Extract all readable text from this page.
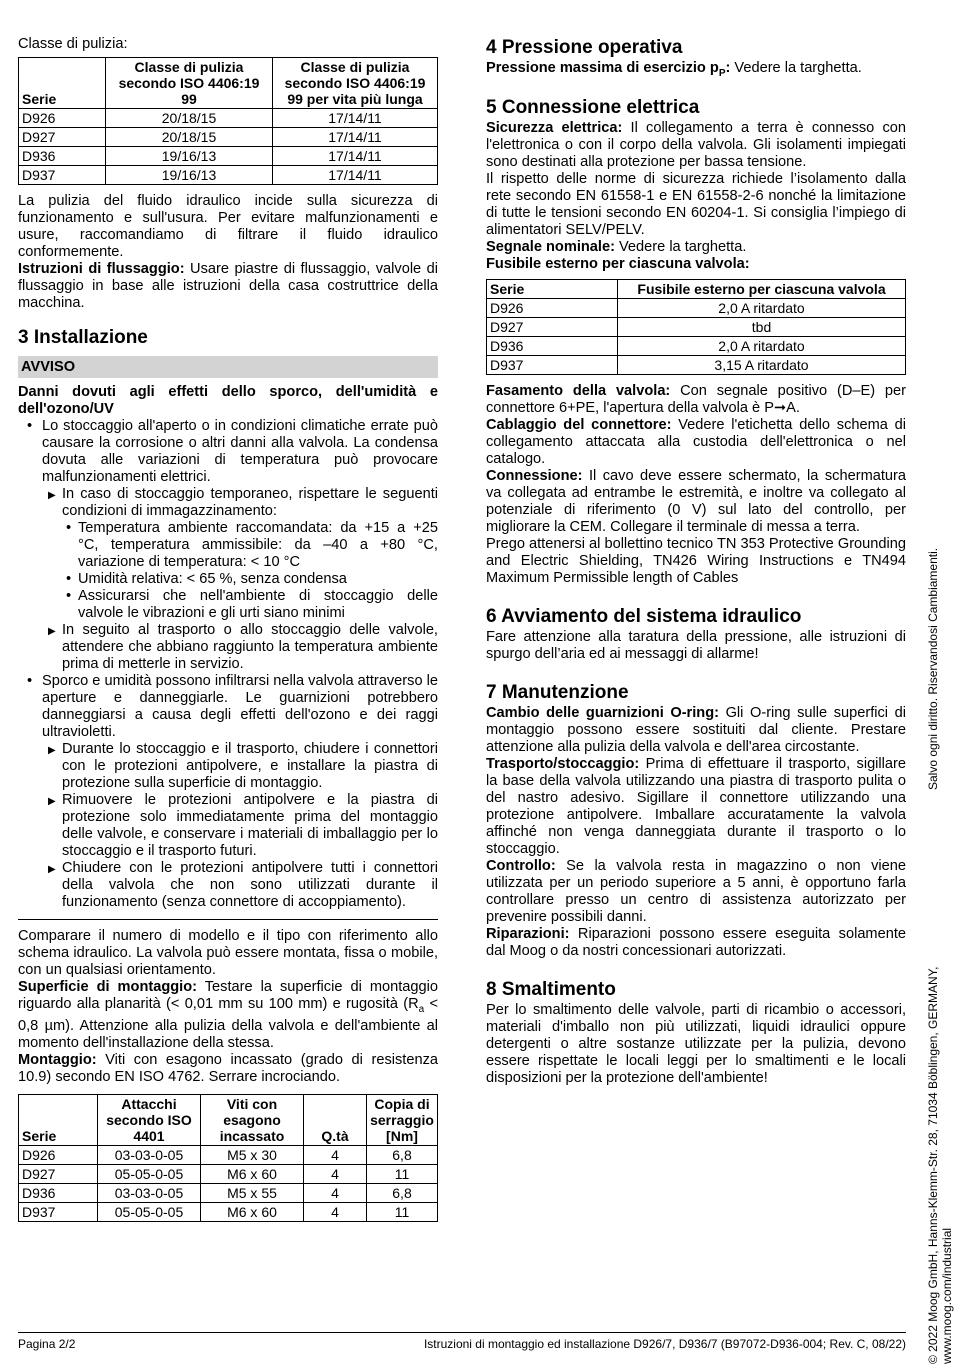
Classe di pulizia:
Serie	Classe di pulizia secondo ISO 4406:19 99	Classe di pulizia secondo ISO 4406:19 99 per vita più lunga
D926	20/18/15	17/14/11
D927	20/18/15	17/14/11
D936	19/16/13	17/14/11
D937	19/16/13	17/14/11

La pulizia del fluido idraulico incide sulla sicurezza di funzionamento e sull'usura. Per evitare malfunzionamenti e usure, raccomandiamo di filtrare il fluido idraulico conformemente.

Istruzioni di flussaggio: Usare piastre di flussaggio, valvole di flussaggio in base alle istruzioni della casa costruttrice della macchina.

3 Installazione
AVVISO

Danni dovuti agli effetti dello sporco, dell'umidità e dell'ozono/UV

• Lo stoccaggio all'aperto o in condizioni climatiche errate può causare la corrosione o altri danni alla valvola. La condensa dovuta alle variazioni di temperatura può provocare malfunzionamenti elettrici.
▶ In caso di stoccaggio temporaneo, rispettare le seguenti condizioni di immagazzinamento:
• Temperatura ambiente raccomandata: da +15 a +25 °C, temperatura ammissibile: da –40 a +80 °C, variazione di temperatura: < 10 °C
• Umidità relativa: < 65 %, senza condensa
• Assicurarsi che nell'ambiente di stoccaggio delle valvole le vibrazioni e gli urti siano minimi
▶ In seguito al trasporto o allo stoccaggio delle valvole, attendere che abbiano raggiunto la temperatura ambiente prima di metterle in servizio.
• Sporco e umidità possono infiltrarsi nella valvola attraverso le aperture e danneggiarle. Le guarnizioni potrebbero danneggiarsi a causa degli effetti dell'ozono e dei raggi ultravioletti.
▶ Durante lo stoccaggio e il trasporto, chiudere i connettori con le protezioni antipolvere, e installare la piastra di protezione sulla superficie di montaggio.
▶ Rimuovere le protezioni antipolvere e la piastra di protezione solo immediatamente prima del montaggio delle valvole, e conservare i materiali di imballaggio per lo stoccaggio e il trasporto futuri.
▶ Chiudere con le protezioni antipolvere tutti i connettori della valvola che non sono utilizzati durante il funzionamento (senza connettore di accoppiamento).

Comparare il numero di modello e il tipo con riferimento allo schema idraulico. La valvola può essere montata, fissa o mobile, con un qualsiasi orientamento.

Superficie di montaggio: Testare la superficie di montaggio riguardo alla planarità (< 0,01 mm su 100 mm) e rugosità ($R_a < 0,8$ µm). Attenzione alla pulizia della valvola e dell'ambiente al momento dell'installazione della stessa.

Montaggio: Viti con esagono incassato (grado di resistenza 10.9) secondo EN ISO 4762. Serrare incrociando.

Serie	Attacchi secondo ISO 4401	Viti con esagono incassato	Q.tà	Copia di serraggio [Nm]
D926	03-03-0-05	M5 x 30	4	6,8
D927	05-05-0-05	M6 x 60	4	11
D936	03-03-0-05	M5 x 55	4	6,8
D937	05-05-0-05	M6 x 60	4	11
4 Pressione operativa

Pressione massima di esercizio $p_P$: Vedere la targhetta.

5 Connessione elettrica

Sicurezza elettrica: Il collegamento a terra è connesso con l'elettronica o con il corpo della valvola. Gli isolamenti impiegati sono destinati alla protezione per bassa tensione.

Il rispetto delle norme di sicurezza richiede l’isolamento dalla rete secondo EN 61558-1 e EN 61558-2-6 nonché la limitazione di tutte le tensioni secondo EN 60204-1. Si consiglia l’impiego di alimentatori SELV/PELV.

Segnale nominale: Vedere la targhetta.

Fusibile esterno per ciascuna valvola:

Serie	Fusibile esterno per ciascuna valvola
D926	2,0 A ritardato
D927	tbd
D936	2,0 A ritardato
D937	3,15 A ritardato

Fasamento della valvola: Con segnale positivo (D–E) per connettore 6+PE, l'apertura della valvola è P➞A.

Cablaggio del connettore: Vedere l'etichetta dello schema di collegamento attaccata alla custodia dell'elettronica o nel catalogo.

Connessione: Il cavo deve essere schermato, la schermatura va collegata ad entrambe le estremità, e inoltre va collegato al potenziale di riferimento (0 V) sul lato del controllo, per migliorare la CEM. Collegare il terminale di messa a terra.

Prego attenersi al bollettino tecnico TN 353 Protective Grounding and Electric Shielding, TN426 Wiring Instructions e TN494 Maximum Permissible length of Cables

6 Avviamento del sistema idraulico

Fare attenzione alla taratura della pressione, alle istruzioni di spurgo dell’aria ed ai messaggi di allarme!

7 Manutenzione

Cambio delle guarnizioni O-ring: Gli O-ring sulle superfici di montaggio possono essere sostituiti dal cliente. Prestare attenzione alla pulizia della valvola e dell'area circostante.

Trasporto/stoccaggio: Prima di effettuare il trasporto, sigillare la base della valvola utilizzando una piastra di trasporto pulita o del nastro adesivo. Sigillare il connettore utilizzando una protezione antipolvere. Imballare accuratamente la valvola affinché non venga danneggiata durante il trasporto o lo stoccaggio.

Controllo: Se la valvola resta in magazzino o non viene utilizzata per un periodo superiore a 5 anni, è opportuno farla controllare presso un centro di assistenza autorizzato per prevenire possibili danni.

Riparazioni: Riparazioni possono essere eseguita solamente dal Moog o da nostri concessionari autorizzati.

8 Smaltimento

Per lo smaltimento delle valvole, parti di ricambio o accessori, materiali d'imballo non più utilizzati, liquidi idraulici oppure detergenti o altre sostanze utilizzate per la pulizia, devono essere rispettate le locali leggi per lo smaltimenti e le locali disposizioni per la protezione dell'ambiente!

Pagina 2/2	Istruzioni di montaggio ed installazione D926/7, D936/7 (B97072-D936-004; Rev. C, 08/22)
Salvo ogni diritto. Riservandosi Cambiamenti.
© 2022 Moog GmbH, Hanns-Klemm-Str. 28, 71034 Böblingen, GERMANY, www.moog.com/industrial
